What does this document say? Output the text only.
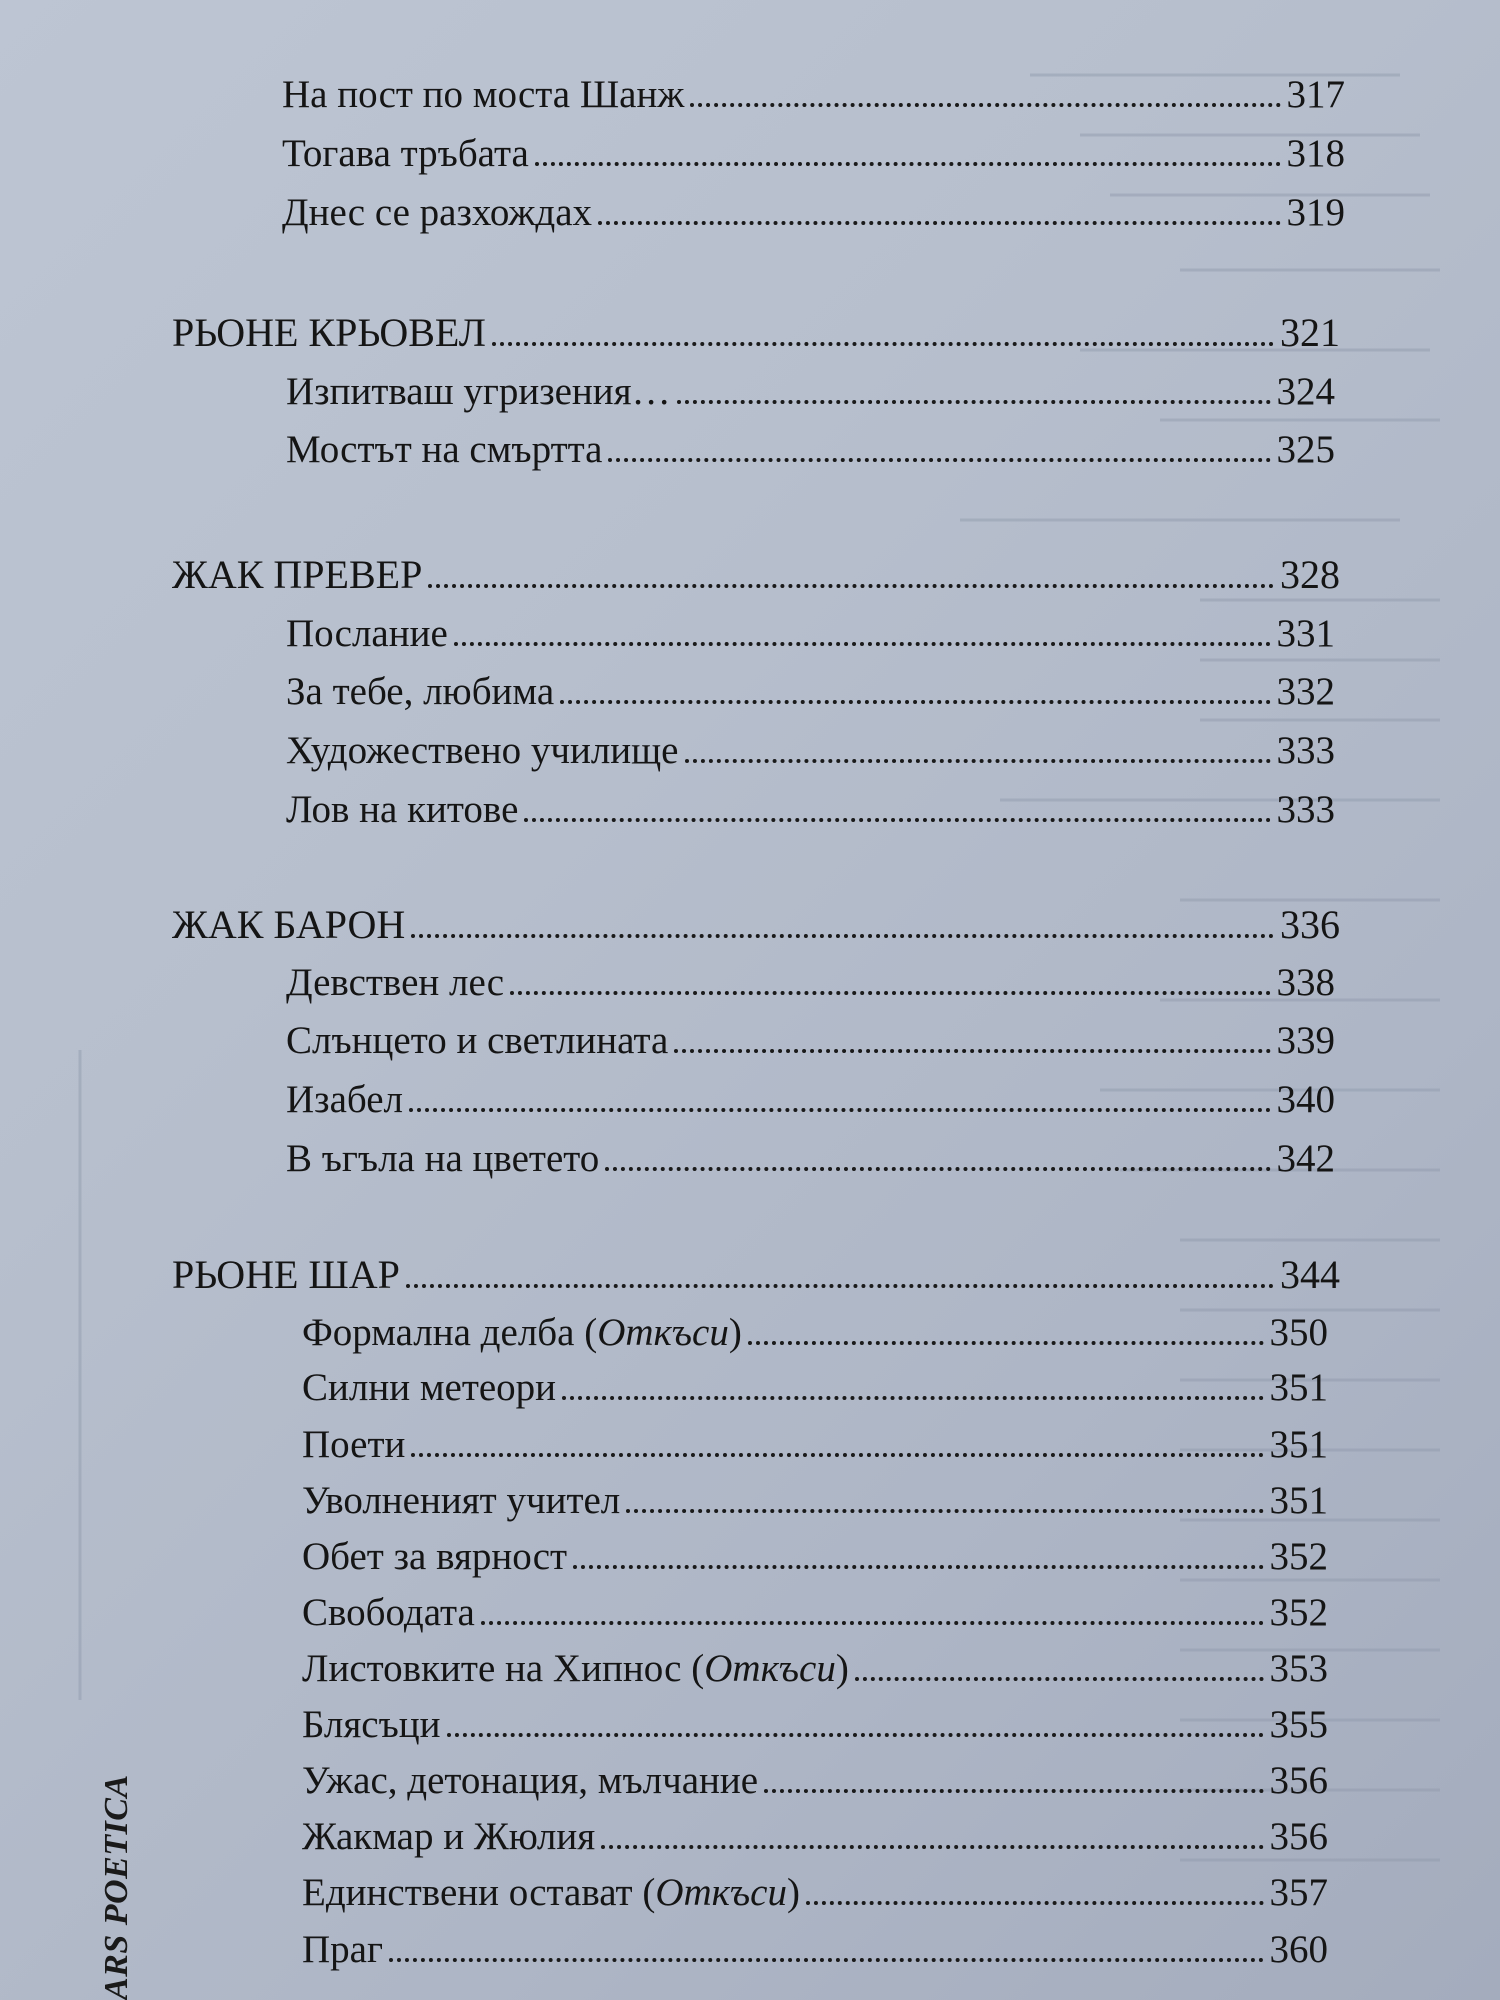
На пост по моста Шанж	317
Тогава тръбата	318
Днес се разхождах	319
РЬОНЕ КРЬОВЕЛ	321
Изпитваш угризения…	324
Мостът на смъртта	325
ЖАК ПРЕВЕР	328
Послание	331
За тебе, любима	332
Художествено училище	333
Лов на китове	333
ЖАК БАРОН	336
Девствен лес	338
Слънцето и светлината	339
Изабел	340
В ъгъла на цветето	342
РЬОНЕ ШАР	344
Формална делба (Откъси)	350
Силни метеори	351
Поети	351
Уволненият учител	351
Обет за вярност	352
Свободата	352
Листовките на Хипнос (Откъси)	353
Блясъци	355
Ужас, детонация, мълчание	356
Жакмар и Жюлия	356
Единствени остават (Откъси)	357
Праг	360
ARS POETICA
